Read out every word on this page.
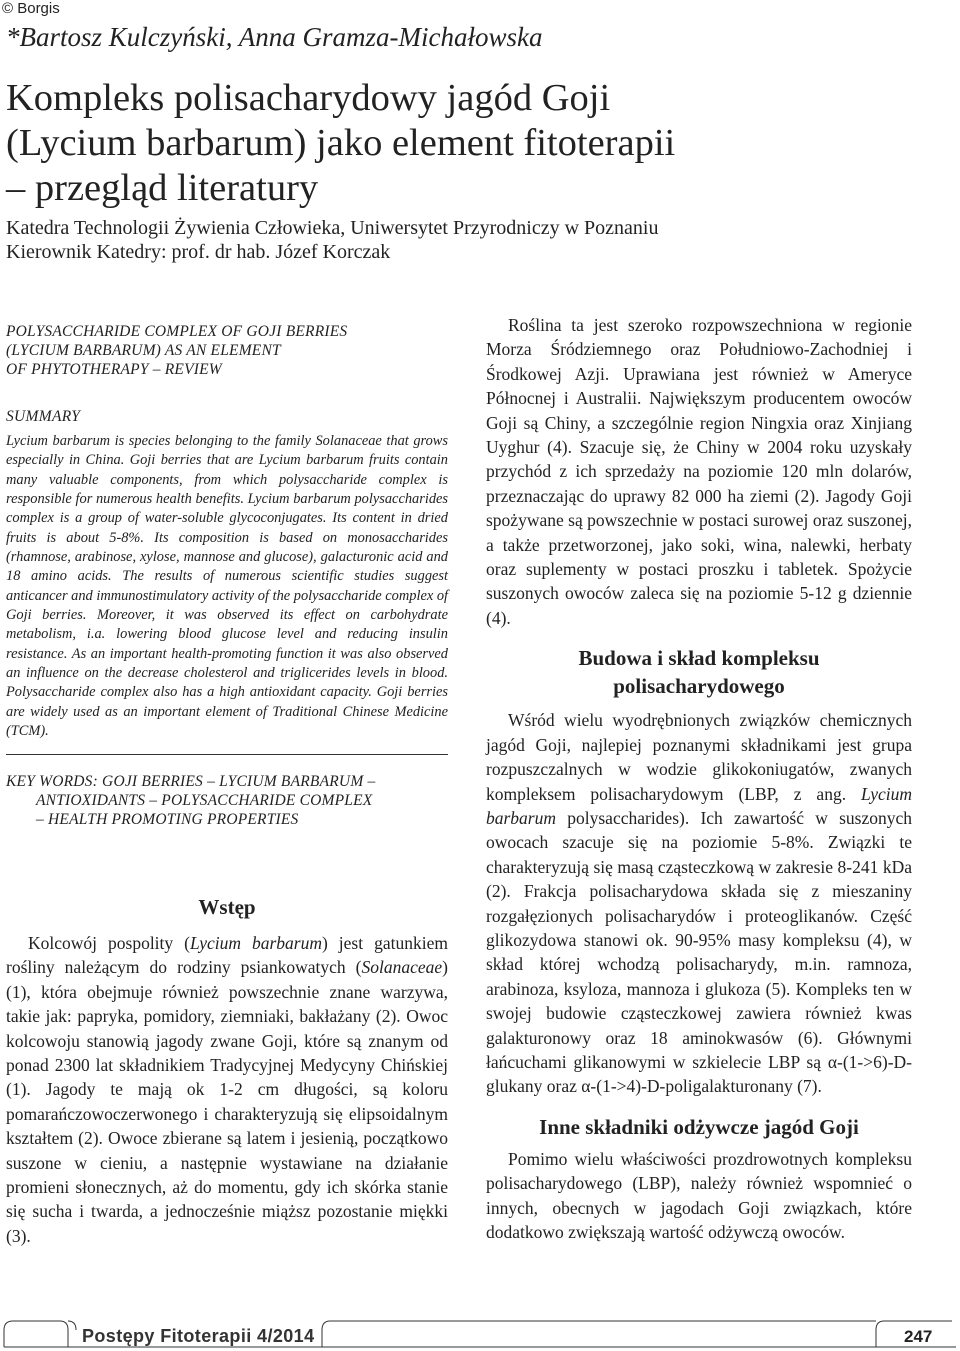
© Borgis
*Bartosz Kulczyński, Anna Gramza-Michałowska
Kompleks polisacharydowy jagód Goji
(Lycium barbarum) jako element fitoterapii
– przegląd literatury
Katedra Technologii Żywienia Człowieka, Uniwersytet Przyrodniczy w Poznaniu
Kierownik Katedry: prof. dr hab. Józef Korczak
POLYSACCHARIDE COMPLEX OF GOJI BERRIES
(LYCIUM BARBARUM) AS AN ELEMENT
OF PHYTOTHERAPY – REVIEW
SUMMARY
Lycium barbarum is species belonging to the family Solanaceae that grows especially in China. Goji berries that are Lycium barbarum fruits contain many valuable components, from which polysaccharide complex is responsible for numerous health benefits. Lycium barbarum polysaccharides complex is a group of water-soluble glycoconjugates. Its content in dried fruits is about 5-8%. Its composition is based on monosaccharides (rhamnose, arabinose, xylose, mannose and glucose), galacturonic acid and 18 amino acids. The results of numerous scientific studies suggest anticancer and immunostimulatory activity of the polysaccharide complex of Goji berries. Moreover, it was observed its effect on carbohydrate metabolism, i.a. lowering blood glucose level and reducing insulin resistance. As an important health-promoting function it was also observed an influence on the decrease cholesterol and triglicerides levels in blood. Polysaccharide complex also has a high antioxidant capacity. Goji berries are widely used as an important element of Traditional Chinese Medicine (TCM).
KEY WORDS: GOJI BERRIES – LYCIUM BARBARUM –
ANTIOXIDANTS – POLYSACCHARIDE COMPLEX
– HEALTH PROMOTING PROPERTIES
Wstęp

Kolcowój pospolity (Lycium barbarum) jest gatunkiem rośliny należącym do rodziny psiankowatych (Solanaceae) (1), która obejmuje również powszechnie znane warzywa, takie jak: papryka, pomidory, ziemniaki, bakłażany (2). Owoc kolcowoju stanowią jagody zwane Goji, które są znanym od ponad 2300 lat składnikiem Tradycyjnej Medycyny Chińskiej (1). Jagody te mają ok 1-2 cm długości, są koloru pomarańczowoczerwonego i charakteryzują się elipsoidalnym kształtem (2). Owoce zbierane są latem i jesienią, początkowo suszone w cieniu, a następnie wystawiane na działanie promieni słonecznych, aż do momentu, gdy ich skórka stanie się sucha i twarda, a jednocześnie miąższ pozostanie miękki (3).

Roślina ta jest szeroko rozpowszechniona w regionie Morza Śródziemnego oraz Południowo-Zachodniej i Środkowej Azji. Uprawiana jest również w Ameryce Północnej i Australii. Największym producentem owoców Goji są Chiny, a szczególnie region Ningxia oraz Xinjiang Uyghur (4). Szacuje się, że Chiny w 2004 roku uzyskały przychód z ich sprzedaży na poziomie 120 mln dolarów, przeznaczając do uprawy 82 000 ha ziemi (2). Jagody Goji spożywane są powszechnie w postaci surowej oraz suszonej, a także przetworzonej, jako soki, wina, nalewki, herbaty oraz suplementy w postaci proszku i tabletek. Spożycie suszonych owoców zaleca się na poziomie 5-12 g dziennie (4).

Budowa i skład kompleksu
polisacharydowego

Wśród wielu wyodrębnionych związków chemicznych jagód Goji, najlepiej poznanymi składnikami jest grupa rozpuszczalnych w wodzie glikokoniugatów, zwanych kompleksem polisacharydowym (LBP, z ang. Lycium barbarum polysaccharides). Ich zawartość w suszonych owocach szacuje się na poziomie 5-8%. Związki te charakteryzują się masą cząsteczkową w zakresie 8-241 kDa (2). Frakcja polisacharydowa składa się z mieszaniny rozgałęzionych polisacharydów i proteoglikanów. Część glikozydowa stanowi ok. 90-95% masy kompleksu (4), w skład której wchodzą polisacharydy, m.in. ramnoza, arabinoza, ksyloza, mannoza i glukoza (5). Kompleks ten w swojej budowie cząsteczkowej zawiera również kwas galakturonowy oraz 18 aminokwasów (6). Głównymi łańcuchami glikanowymi w szkielecie LBP są α-(1->6)-D-glukany oraz α-(1->4)-D-poligalakturonany (7).

Inne składniki odżywcze jagód Goji

Pomimo wielu właściwości prozdrowotnych kompleksu polisacharydowego (LBP), należy również wspomnieć o innych, obecnych w jagodach Goji związkach, które dodatkowo zwiększają wartość odżywczą owoców.

Postępy Fitoterapii 4/2014	247
